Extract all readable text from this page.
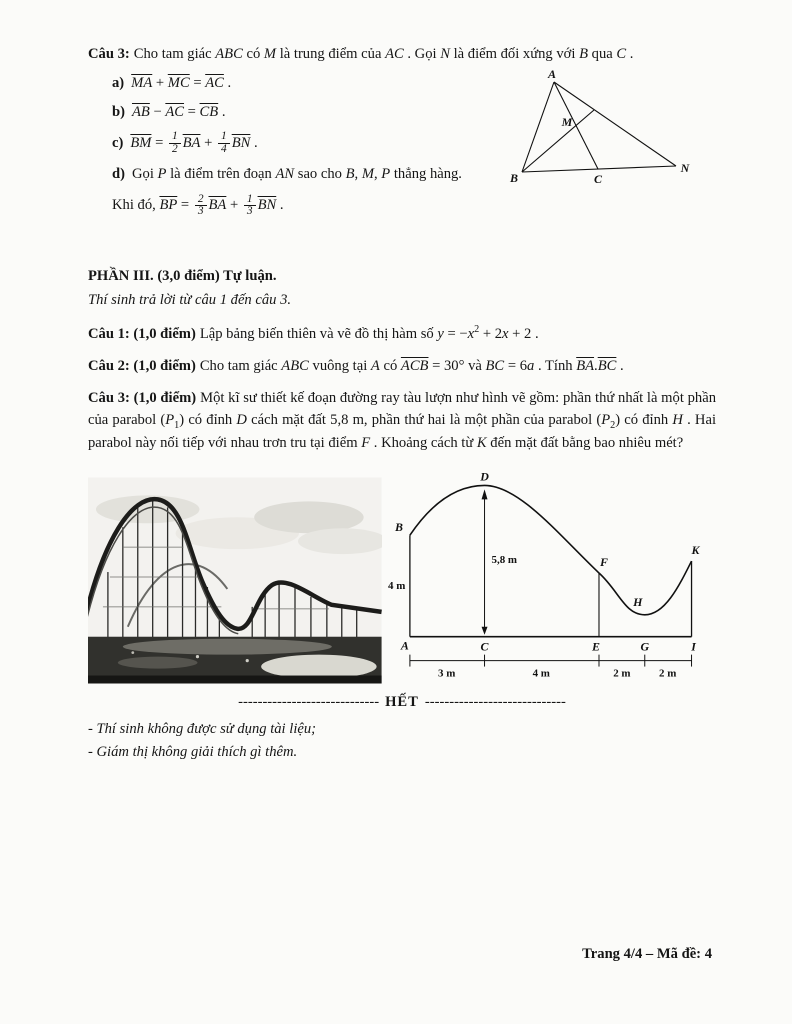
Câu 3: Cho tam giác ABC có M là trung điểm của AC . Gọi N là điểm đối xứng với B qua C .

a) $\overline{MA} + \overline{MC} = \overline{AC}$ .
b) $\overline{AB} - \overline{AC} = \overline{CB}$ .
c) $\overline{BM} = \frac{1}{2} \overline{BA} + \frac{1}{4} \overline{BN}$ .
d) Gọi P là điểm trên đoạn AN sao cho B, M, P thẳng hàng.
Khi đó, $\overline{BP} = \frac{2}{3} \overline{BA} + \frac{1}{3} \overline{BN}$ .
A
B
M
C
N

PHẦN III. (3,0 điểm) Tự luận.

Thí sinh trả lời từ câu 1 đến câu 3.

Câu 1: (1,0 điểm) Lập bảng biến thiên và vẽ đồ thị hàm số $y = -x^2 + 2x + 2$ .

Câu 2: (1,0 điểm) Cho tam giác ABC vuông tại A có $\overline{ACB} = 30^\circ$ và BC = 6a . Tính $\overline{BA}.\overline{BC}$ .

Câu 3: (1,0 điểm) Một kĩ sư thiết kế đoạn đường ray tàu lượn như hình vẽ gồm: phần thứ nhất là một phần của parabol $(P_1)$ có đỉnh D cách mặt đất 5,8 m, phần thứ hai là một phần của parabol $(P_2)$ có đỉnh H . Hai parabol này nối tiếp với nhau trơn tru tại điểm F . Khoảng cách từ K đến mặt đất bằng bao nhiêu mét?

D
B
F
K
H
A	C	E	G	I
4 m
5,8 m
3 m	4 m	2 m	2 m

----------------------------- HẾT -----------------------------

- Thí sinh không được sử dụng tài liệu;

- Giám thị không giải thích gì thêm.

Trang 4/4 – Mã đề: 4
